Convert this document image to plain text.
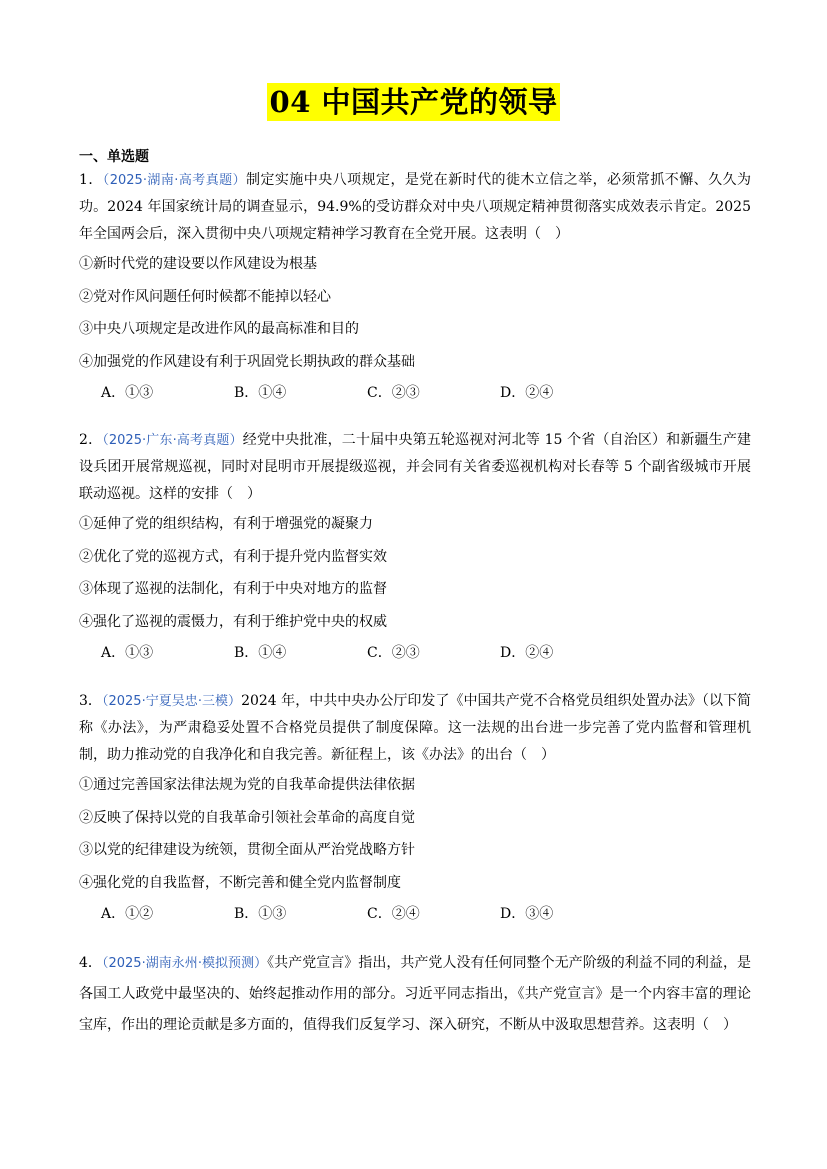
04 中国共产党的领导
一、单选题
1．（2025·湖南·高考真题）制定实施中央八项规定，是党在新时代的徙木立信之举，必须常抓不懈、久久为功。2024 年国家统计局的调查显示，94.9%的受访群众对中央八项规定精神贯彻落实成效表示肯定。2025 年全国两会后，深入贯彻中央八项规定精神学习教育在全党开展。这表明（　）
①新时代党的建设要以作风建设为根基
②党对作风问题任何时候都不能掉以轻心
③中央八项规定是改进作风的最高标准和目的
④加强党的作风建设有利于巩固党长期执政的群众基础
A．①③	B．①④	C．②③	D．②④
2．（2025·广东·高考真题）经党中央批准，二十届中央第五轮巡视对河北等 15 个省（自治区）和新疆生产建设兵团开展常规巡视，同时对昆明市开展提级巡视，并会同有关省委巡视机构对长春等 5 个副省级城市开展联动巡视。这样的安排（　）
①延伸了党的组织结构，有利于增强党的凝聚力
②优化了党的巡视方式，有利于提升党内监督实效
③体现了巡视的法制化，有利于中央对地方的监督
④强化了巡视的震慑力，有利于维护党中央的权威
A．①③	B．①④	C．②③	D．②④
3．（2025·宁夏吴忠·三模）2024 年，中共中央办公厅印发了《中国共产党不合格党员组织处置办法》（以下简称《办法》，为严肃稳妥处置不合格党员提供了制度保障。这一法规的出台进一步完善了党内监督和管理机制，助力推动党的自我净化和自我完善。新征程上，该《办法》的出台（　）
①通过完善国家法律法规为党的自我革命提供法律依据
②反映了保持以党的自我革命引领社会革命的高度自觉
③以党的纪律建设为统领，贯彻全面从严治党战略方针
④强化党的自我监督，不断完善和健全党内监督制度
A．①②	B．①③	C．②④	D．③④
4．（2025·湖南永州·模拟预测）《共产党宣言》指出，共产党人没有任何同整个无产阶级的利益不同的利益，是各国工人政党中最坚决的、始终起推动作用的部分。习近平同志指出，《共产党宣言》是一个内容丰富的理论宝库，作出的理论贡献是多方面的，值得我们反复学习、深入研究，不断从中汲取思想营养。这表明（　）
